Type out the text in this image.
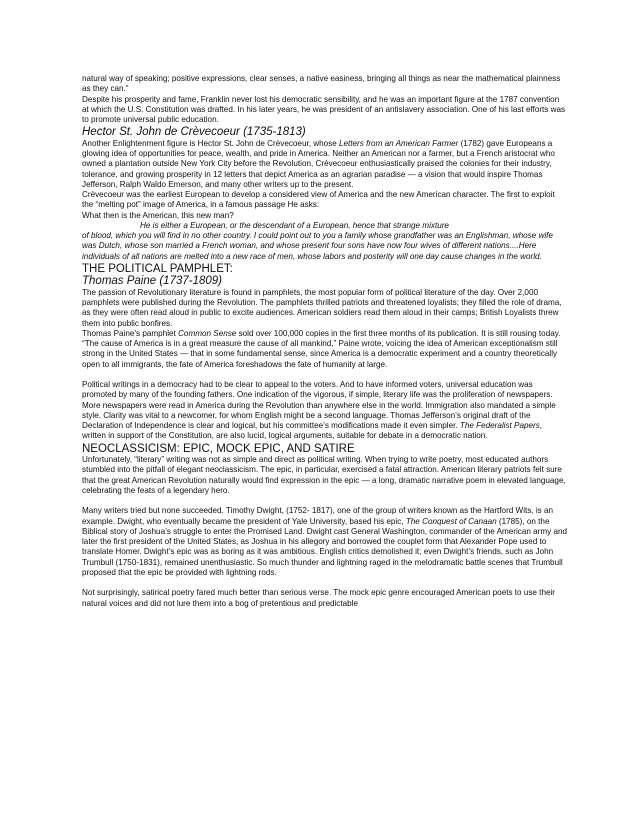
natural way of speaking; positive expressions, clear senses, a native easiness, bringing all things as near the mathematical plainness as they can.”

Despite his prosperity and fame, Franklin never lost his democratic sensibility, and he was an important figure at the 1787 convention at which the U.S. Constitution was drafted. In his later years, he was president of an antislavery association. One of his last efforts was to promote universal public education.

Hector St. John de Crèvecoeur (1735-1813)

Another Enlightenment figure is Hector St. John de Crèvecoeur, whose Letters from an American Farmer (1782) gave Europeans a glowing idea of opportunities for peace, wealth, and pride in America. Neither an American nor a farmer, but a French aristocrat who owned a plantation outside New York City before the Revolution, Crèvecoeur enthusiastically praised the colonies for their industry, tolerance, and growing prosperity in 12 letters that depict America as an agrarian paradise — a vision that would inspire Thomas Jefferson, Ralph Waldo Emerson, and many other writers up to the present.

Crèvecoeur was the earliest European to develop a considered view of America and the new American character. The first to exploit the “melting pot” image of America, in a famous passage He asks:

What then is the American, this new man?

He is either a European, or the descendant of a European, hence that strange mixture

of blood, which you will find in no other country. I could point out to you a family whose grandfather was an Englishman, whose wife was Dutch, whose son married a French woman, and whose present four sons have now four wives of different nations....Here individuals of all nations are melted into a new race of men, whose labors and posterity will one day cause changes in the world.

THE POLITICAL PAMPHLET:
Thomas Paine (1737-1809)

The passion of Revolutionary literature is found in pamphlets, the most popular form of political literature of the day. Over 2,000 pamphlets were published during the Revolution. The pamphlets thrilled patriots and threatened loyalists; they filled the role of drama, as they were often read aloud in public to excite audiences. American soldiers read them aloud in their camps; British Loyalists threw them into public bonfires.

Thomas Paine’s pamphlet Common Sense sold over 100,000 copies in the first three months of its publication. It is still rousing today. “The cause of America is in a great measure the cause of all mankind,” Paine wrote, voicing the idea of American exceptionalism still strong in the United States — that in some fundamental sense, since America is a democratic experiment and a country theoretically open to all immigrants, the fate of America foreshadows the fate of humanity at large.

Political writings in a democracy had to be clear to appeal to the voters. And to have informed voters, universal education was promoted by many of the founding fathers. One indication of the vigorous, if simple, literary life was the proliferation of newspapers. More newspapers were read in America during the Revolution than anywhere else in the world. Immigration also mandated a simple style. Clarity was vital to a newcomer, for whom English might be a second language. Thomas Jefferson’s original draft of the Declaration of Independence is clear and logical, but his committee’s modifications made it even simpler. The Federalist Papers, written in support of the Constitution, are also lucid, logical arguments, suitable for debate in a democratic nation.

NEOCLASSICISM: EPIC, MOCK EPIC, AND SATIRE

Unfortunately, “literary” writing was not as simple and direct as political writing. When trying to write poetry, most educated authors stumbled into the pitfall of elegant neoclassicism. The epic, in particular, exercised a fatal attraction. American literary patriots felt sure that the great American Revolution naturally would find expression in the epic — a long, dramatic narrative poem in elevated language, celebrating the feats of a legendary hero.

Many writers tried but none succeeded. Timothy Dwight, (1752- 1817), one of the group of writers known as the Hartford Wits, is an example. Dwight, who eventually became the president of Yale University, based his epic, The Conquest of Canaan (1785), on the Biblical story of Joshua’s struggle to enter the Promised Land. Dwight cast General Washington, commander of the American army and later the first president of the United States, as Joshua in his allegory and borrowed the couplet form that Alexander Pope used to translate Homer. Dwight’s epic was as boring as it was ambitious. English critics demolished it; even Dwight’s friends, such as John Trumbull (1750-1831), remained unenthusiastic. So much thunder and lightning raged in the melodramatic battle scenes that Trumbull proposed that the epic be provided with lightning rods.

Not surprisingly, satirical poetry fared much better than serious verse. The mock epic genre encouraged American poets to use their natural voices and did not lure them into a bog of pretentious and predictable
